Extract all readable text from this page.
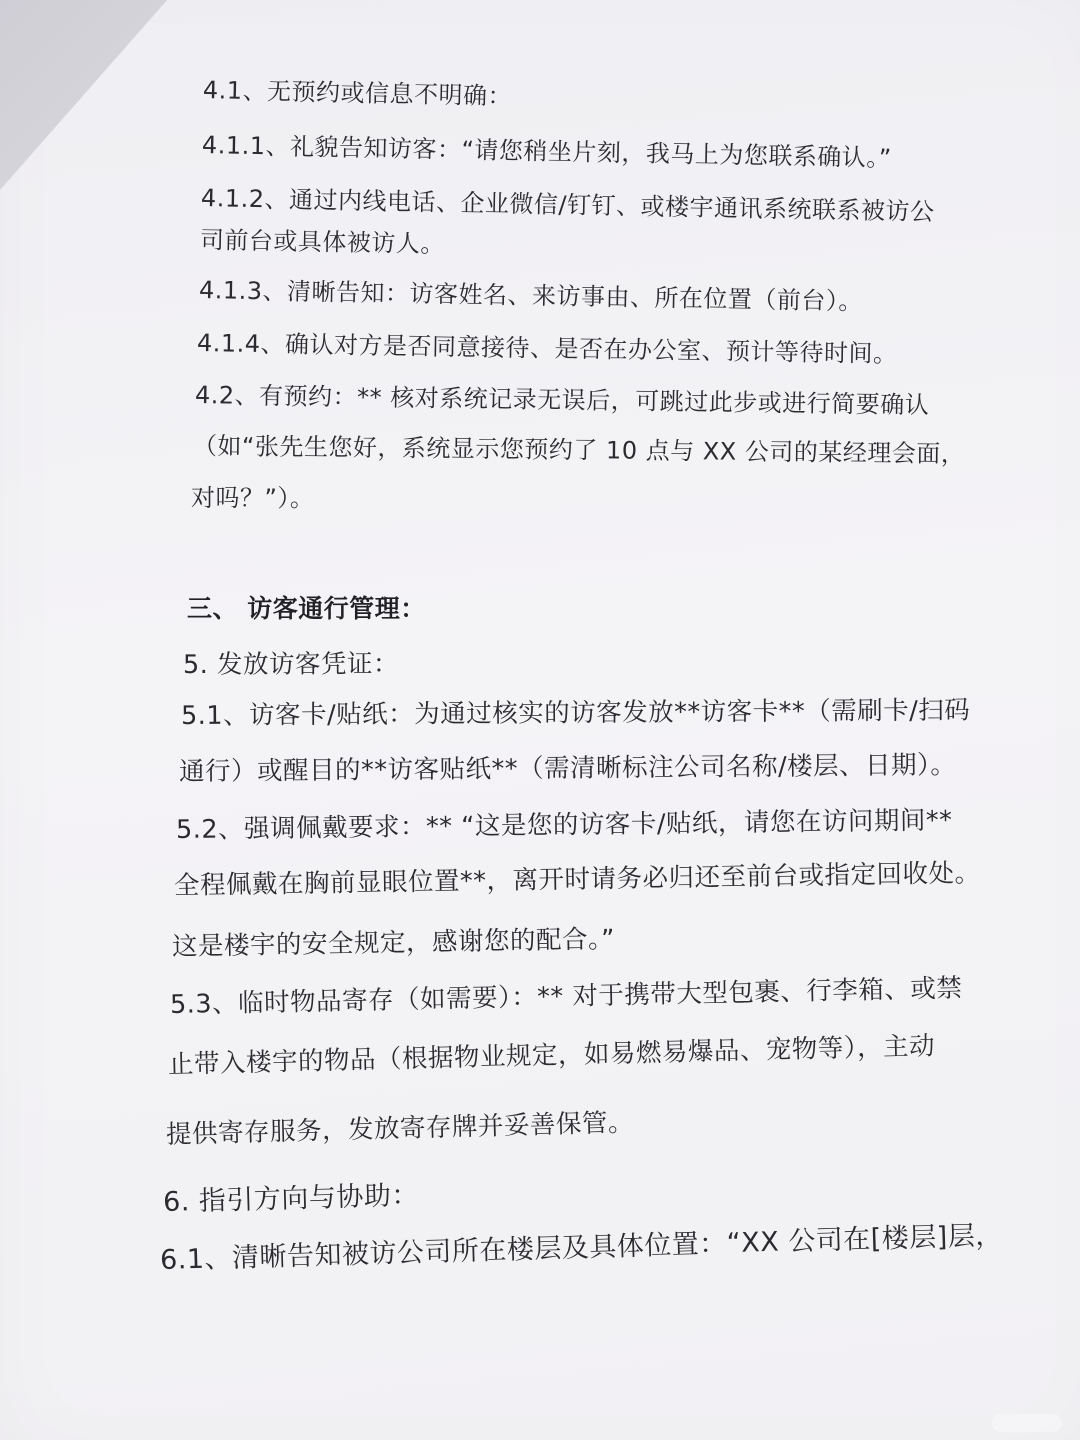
4.1、无预约或信息不明确：
4.1.1、礼貌告知访客：“请您稍坐片刻，我马上为您联系确认。”
4.1.2、通过内线电话、企业微信/钉钉、或楼宇通讯系统联系被访公
司前台或具体被访人。
4.1.3、清晰告知：访客姓名、来访事由、所在位置（前台）。
4.1.4、确认对方是否同意接待、是否在办公室、预计等待时间。
4.2、有预约：** 核对系统记录无误后，可跳过此步或进行简要确认
（如“张先生您好，系统显示您预约了 10 点与 XX 公司的某经理会面，
对吗？”）。
三、 访客通行管理：
5. 发放访客凭证：
5.1、访客卡/贴纸：为通过核实的访客发放**访客卡**（需刷卡/扫码
通行）或醒目的**访客贴纸**（需清晰标注公司名称/楼层、日期）。
5.2、强调佩戴要求：** “这是您的访客卡/贴纸，请您在访问期间**
全程佩戴在胸前显眼位置**，离开时请务必归还至前台或指定回收处。
这是楼宇的安全规定，感谢您的配合。”
5.3、临时物品寄存（如需要）：** 对于携带大型包裹、行李箱、或禁
止带入楼宇的物品（根据物业规定，如易燃易爆品、宠物等），主动
提供寄存服务，发放寄存牌并妥善保管。
6. 指引方向与协助：
6.1、清晰告知被访公司所在楼层及具体位置：“XX 公司在[楼层]层，
